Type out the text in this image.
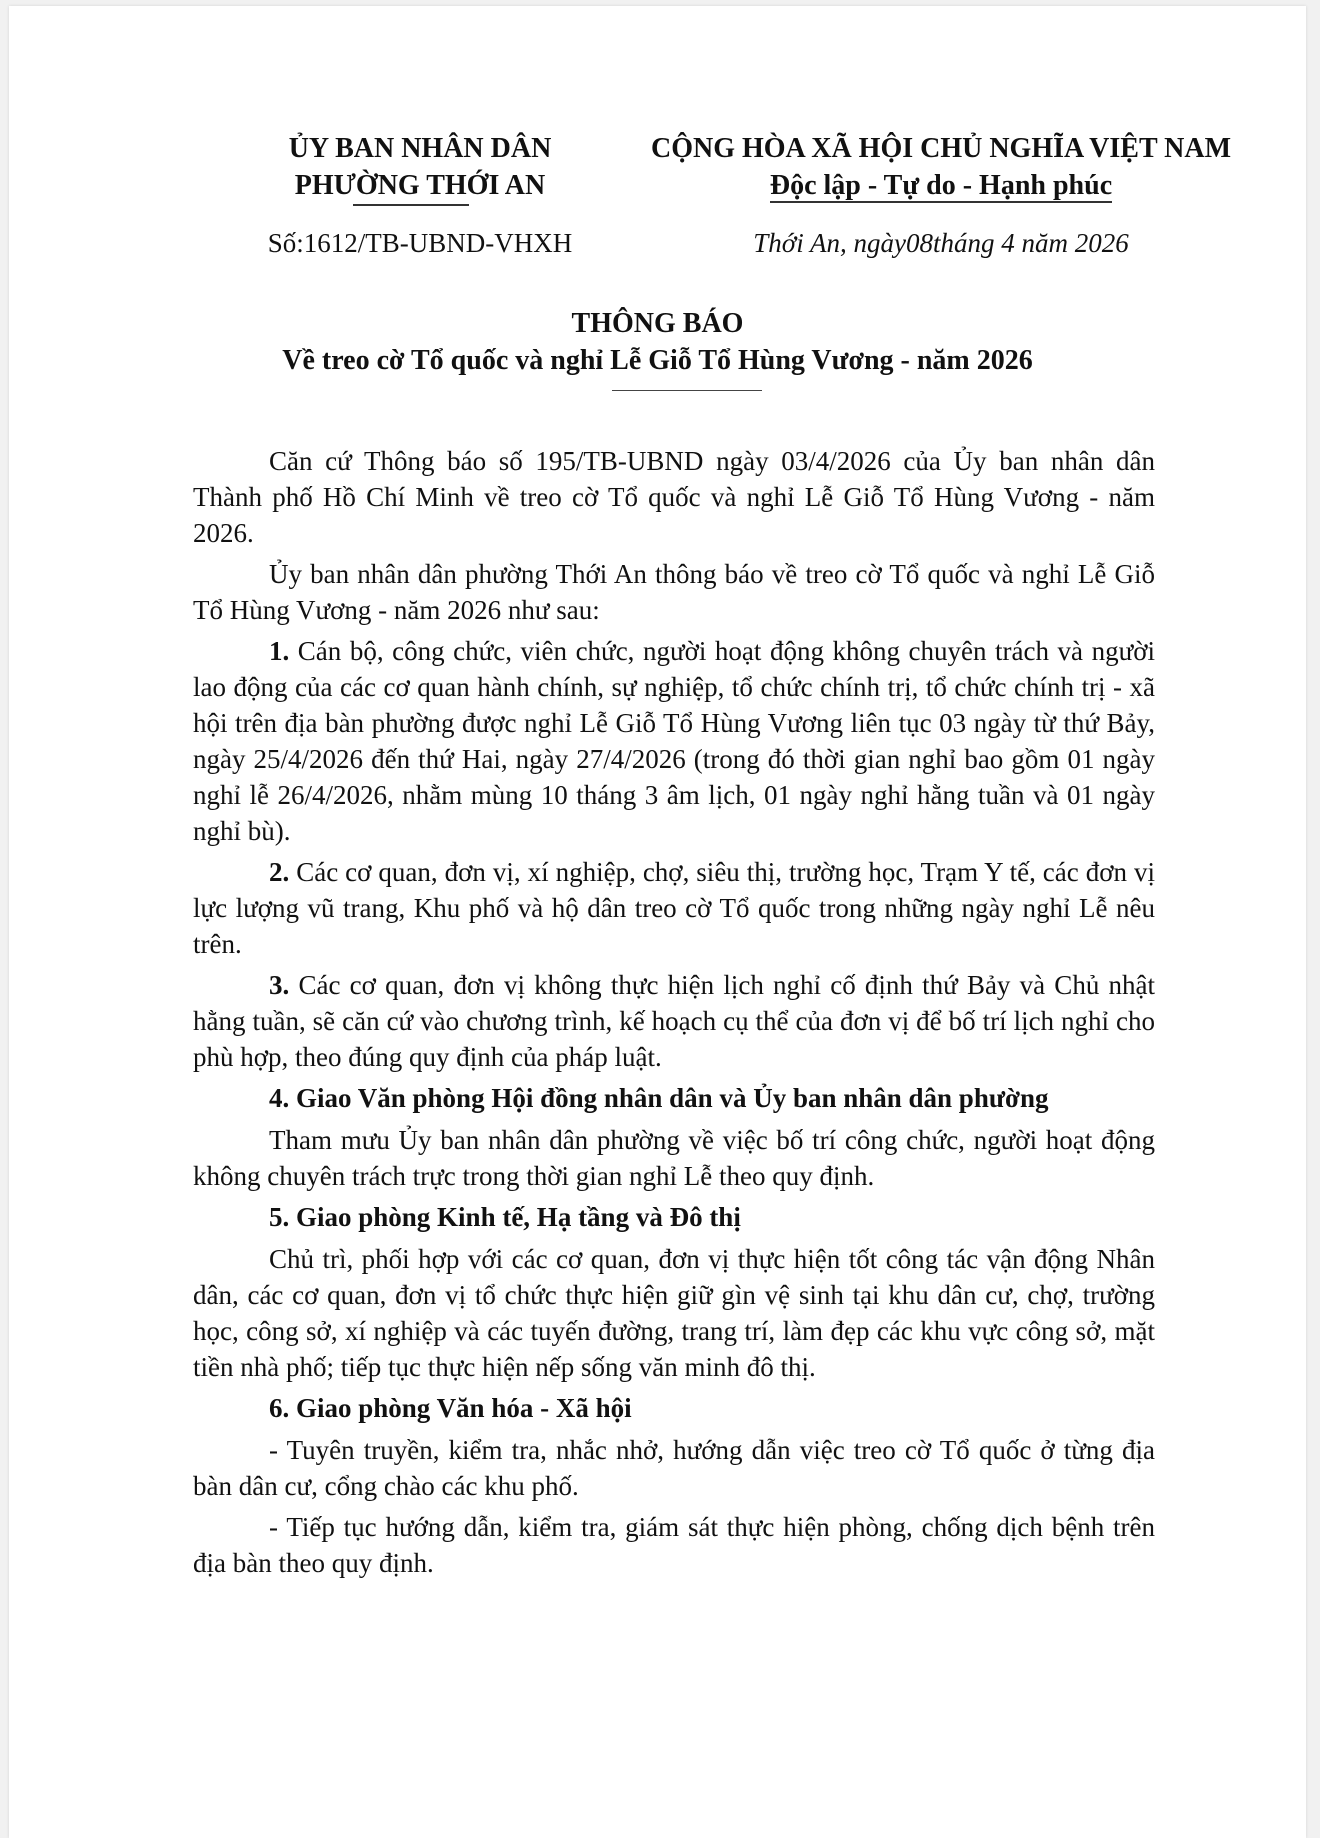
ỦY BAN NHÂN DÂN
PHƯỜNG THỚI AN
CỘNG HÒA XÃ HỘI CHỦ NGHĨA VIỆT NAM
Độc lập - Tự do - Hạnh phúc
Số:1612/TB-UBND-VHXH	Thới An, ngày08tháng 4 năm 2026
THÔNG BÁO
Về treo cờ Tổ quốc và nghỉ Lễ Giỗ Tổ Hùng Vương - năm 2026

Căn cứ Thông báo số 195/TB-UBND ngày 03/4/2026 của Ủy ban nhân dân Thành phố Hồ Chí Minh về treo cờ Tổ quốc và nghỉ Lễ Giỗ Tổ Hùng Vương - năm 2026.

Ủy ban nhân dân phường Thới An thông báo về treo cờ Tổ quốc và nghỉ Lễ Giỗ Tổ Hùng Vương - năm 2026 như sau:

1. Cán bộ, công chức, viên chức, người hoạt động không chuyên trách và người lao động của các cơ quan hành chính, sự nghiệp, tổ chức chính trị, tổ chức chính trị - xã hội trên địa bàn phường được nghỉ Lễ Giỗ Tổ Hùng Vương liên tục 03 ngày từ thứ Bảy, ngày 25/4/2026 đến thứ Hai, ngày 27/4/2026 (trong đó thời gian nghỉ bao gồm 01 ngày nghỉ lễ 26/4/2026, nhằm mùng 10 tháng 3 âm lịch, 01 ngày nghỉ hằng tuần và 01 ngày nghỉ bù).

2. Các cơ quan, đơn vị, xí nghiệp, chợ, siêu thị, trường học, Trạm Y tế, các đơn vị lực lượng vũ trang, Khu phố và hộ dân treo cờ Tổ quốc trong những ngày nghỉ Lễ nêu trên.

3. Các cơ quan, đơn vị không thực hiện lịch nghỉ cố định thứ Bảy và Chủ nhật hằng tuần, sẽ căn cứ vào chương trình, kế hoạch cụ thể của đơn vị để bố trí lịch nghỉ cho phù hợp, theo đúng quy định của pháp luật.

4. Giao Văn phòng Hội đồng nhân dân và Ủy ban nhân dân phường

Tham mưu Ủy ban nhân dân phường về việc bố trí công chức, người hoạt động không chuyên trách trực trong thời gian nghỉ Lễ theo quy định.

5. Giao phòng Kinh tế, Hạ tầng và Đô thị

Chủ trì, phối hợp với các cơ quan, đơn vị thực hiện tốt công tác vận động Nhân dân, các cơ quan, đơn vị tổ chức thực hiện giữ gìn vệ sinh tại khu dân cư, chợ, trường học, công sở, xí nghiệp và các tuyến đường, trang trí, làm đẹp các khu vực công sở, mặt tiền nhà phố; tiếp tục thực hiện nếp sống văn minh đô thị.

6. Giao phòng Văn hóa - Xã hội

- Tuyên truyền, kiểm tra, nhắc nhở, hướng dẫn việc treo cờ Tổ quốc ở từng địa bàn dân cư, cổng chào các khu phố.

- Tiếp tục hướng dẫn, kiểm tra, giám sát thực hiện phòng, chống dịch bệnh trên địa bàn theo quy định.
